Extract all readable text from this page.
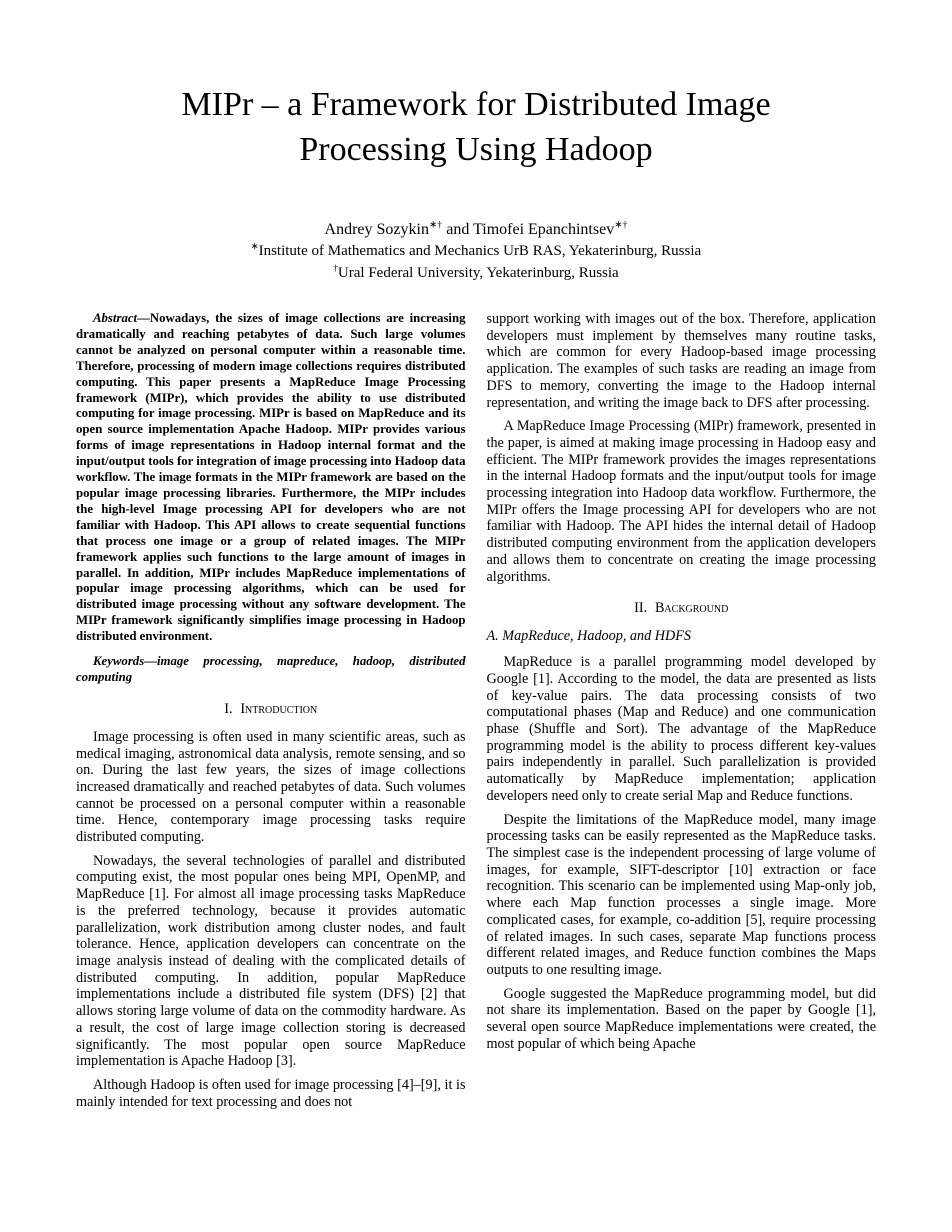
MIPr – a Framework for Distributed Image
Processing Using Hadoop

Andrey Sozykin∗† and Timofei Epanchintsev∗†

∗Institute of Mathematics and Mechanics UrB RAS, Yekaterinburg, Russia

†Ural Federal University, Yekaterinburg, Russia

Abstract—Nowadays, the sizes of image collections are increasing dramatically and reaching petabytes of data. Such large volumes cannot be analyzed on personal computer within a reasonable time. Therefore, processing of modern image collections requires distributed computing. This paper presents a MapReduce Image Processing framework (MIPr), which provides the ability to use distributed computing for image processing. MIPr is based on MapReduce and its open source implementation Apache Hadoop. MIPr provides various forms of image representations in Hadoop internal format and the input/output tools for integration of image processing into Hadoop data workflow. The image formats in the MIPr framework are based on the popular image processing libraries. Furthermore, the MIPr includes the high-level Image processing API for developers who are not familiar with Hadoop. This API allows to create sequential functions that process one image or a group of related images. The MIPr framework applies such functions to the large amount of images in parallel. In addition, MIPr includes MapReduce implementations of popular image processing algorithms, which can be used for distributed image processing without any software development. The MIPr framework significantly simplifies image processing in Hadoop distributed environment.

Keywords—image processing, mapreduce, hadoop, distributed computing

I. Introduction

Image processing is often used in many scientific areas, such as medical imaging, astronomical data analysis, remote sensing, and so on. During the last few years, the sizes of image collections increased dramatically and reached petabytes of data. Such volumes cannot be processed on a personal computer within a reasonable time. Hence, contemporary image processing tasks require distributed computing.

Nowadays, the several technologies of parallel and distributed computing exist, the most popular ones being MPI, OpenMP, and MapReduce [1]. For almost all image processing tasks MapReduce is the preferred technology, because it provides automatic parallelization, work distribution among cluster nodes, and fault tolerance. Hence, application developers can concentrate on the image analysis instead of dealing with the complicated details of distributed computing. In addition, popular MapReduce implementations include a distributed file system (DFS) [2] that allows storing large volume of data on the commodity hardware. As a result, the cost of large image collection storing is decreased significantly. The most popular open source MapReduce implementation is Apache Hadoop [3].

Although Hadoop is often used for image processing [4]–[9], it is mainly intended for text processing and does not

support working with images out of the box. Therefore, application developers must implement by themselves many routine tasks, which are common for every Hadoop-based image processing application. The examples of such tasks are reading an image from DFS to memory, converting the image to the Hadoop internal representation, and writing the image back to DFS after processing.

A MapReduce Image Processing (MIPr) framework, presented in the paper, is aimed at making image processing in Hadoop easy and efficient. The MIPr framework provides the images representations in the internal Hadoop formats and the input/output tools for image processing integration into Hadoop data workflow. Furthermore, the MIPr offers the Image processing API for developers who are not familiar with Hadoop. The API hides the internal detail of Hadoop distributed computing environment from the application developers and allows them to concentrate on creating the image processing algorithms.

II. Background
A. MapReduce, Hadoop, and HDFS

MapReduce is a parallel programming model developed by Google [1]. According to the model, the data are presented as lists of key-value pairs. The data processing consists of two computational phases (Map and Reduce) and one communication phase (Shuffle and Sort). The advantage of the MapReduce programming model is the ability to process different key-values pairs independently in parallel. Such parallelization is provided automatically by MapReduce implementation; application developers need only to create serial Map and Reduce functions.

Despite the limitations of the MapReduce model, many image processing tasks can be easily represented as the MapReduce tasks. The simplest case is the independent processing of large volume of images, for example, SIFT-descriptor [10] extraction or face recognition. This scenario can be implemented using Map-only job, where each Map function processes a single image. More complicated cases, for example, co-addition [5], require processing of related images. In such cases, separate Map functions process different related images, and Reduce function combines the Maps outputs to one resulting image.

Google suggested the MapReduce programming model, but did not share its implementation. Based on the paper by Google [1], several open source MapReduce implementations were created, the most popular of which being Apache
